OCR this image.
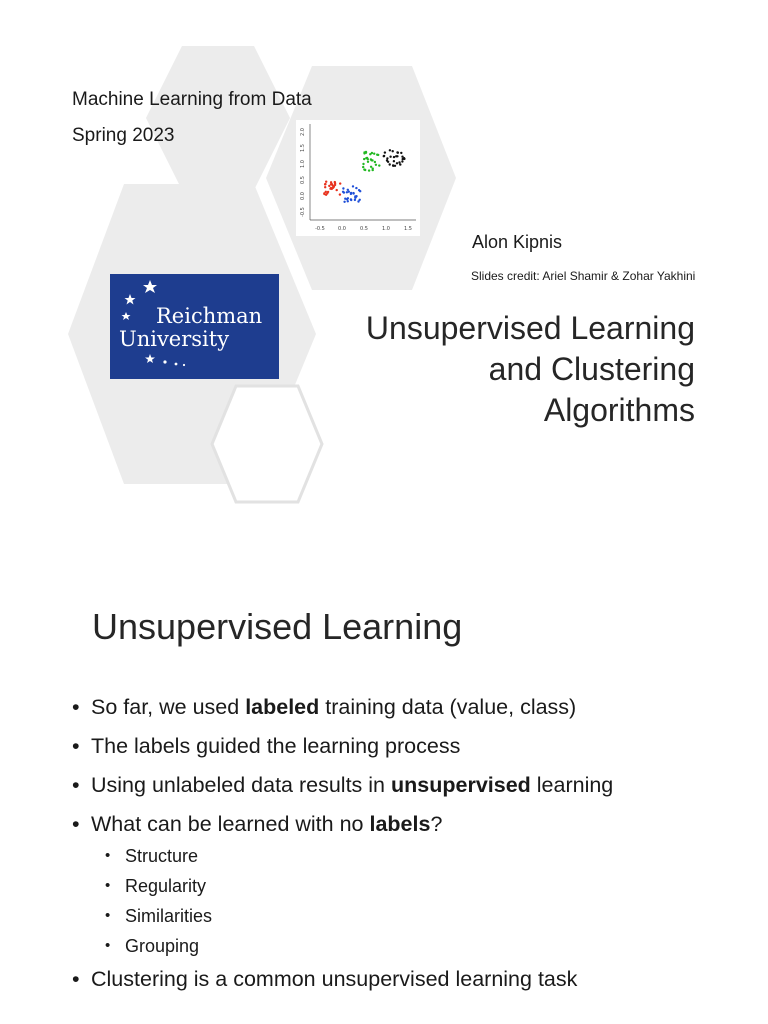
Machine Learning from Data
Spring 2023
-0.5	0.0	0.5	1.0	1.5
-0.5
0.0
0.5
1.0
1.5
2.0
Reichman
University
Alon Kipnis
Slides credit: Ariel Shamir & Zohar Yakhini
Unsupervised Learning
and Clustering
Algorithms
Unsupervised Learning
• So far, we used labeled training data (value, class)
• The labels guided the learning process
• Using unlabeled data results in unsupervised learning
• What can be learned with no labels?
• Structure
• Regularity
• Similarities
• Grouping
• Clustering is a common unsupervised learning task
